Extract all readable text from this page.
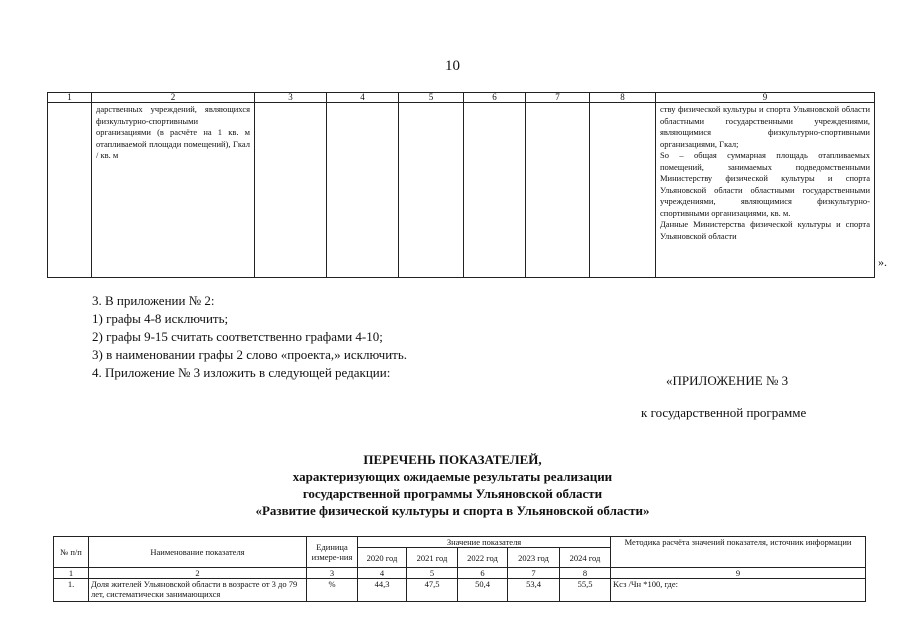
10
1	2	3	4	5	6	7	8	9
	дарственных учреждений, являющихся физкультурно-спортивными организациями (в расчёте на 1 кв. м отапливаемой площади помещений), Гкал / кв. м							ству физической культуры и спорта Ульяновской области областными государственными учреждениями, являющимися физкультурно-спортивными организациями, Гкал;

So – общая суммарная площадь отапливаемых помещений, занимаемых подведомственными Министерству физической культуры и спорта Ульяновской области областными государственными учреждениями, являющимися физкультурно-спортивными организациями, кв. м.

Данные Министерства физической культуры и спорта Ульяновской области

».
3. В приложении № 2:
1) графы 4-8 исключить;
2) графы 9-15 считать соответственно графами 4-10;
3) в наименовании графы 2 слово «проекта,» исключить.
4. Приложение № 3 изложить в следующей редакции:
«ПРИЛОЖЕНИЕ № 3
к государственной программе
ПЕРЕЧЕНЬ ПОКАЗАТЕЛЕЙ,
характеризующих ожидаемые результаты реализации
государственной программы Ульяновской области
«Развитие физической культуры и спорта в Ульяновской области»
№ п/п	Наименование показателя	Единица измере-ния	Значение показателя					Методика расчёта значений показателя, источник информации
			2020 год	2021 год	2022 год	2023 год	2024 год	
1	2	3	4	5	6	7	8	9
1.	Доля жителей Ульяновской области в возрасте от 3 до 79 лет, систематически занимающихся	%	44,3	47,5	50,4	53,4	55,5	Kсз /Чн *100, где:
